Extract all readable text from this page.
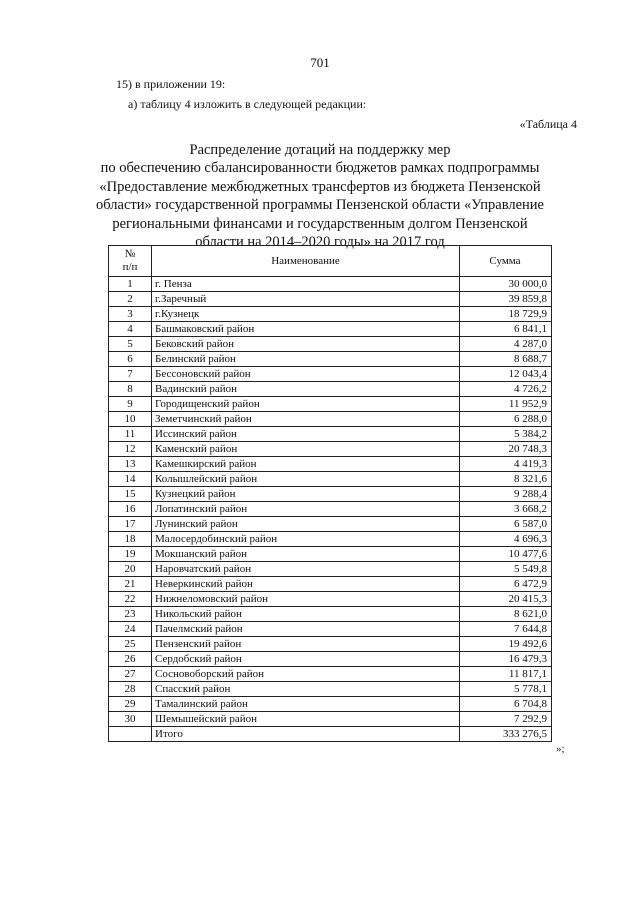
701
15) в приложении 19:
а) таблицу 4 изложить в следующей редакции:
«Таблица 4
Распределение дотаций на поддержку мер
по обеспечению сбалансированности бюджетов рамках подпрограммы
«Предоставление межбюджетных трансфертов из бюджета Пензенской
области» государственной программы Пензенской области «Управление
региональными финансами и государственным долгом Пензенской
области на 2014–2020 годы» на 2017 год
№
п/п	Наименование	Сумма
1	г. Пенза	30 000,0
2	г.Заречный	39 859,8
3	г.Кузнецк	18 729,9
4	Башмаковский район	6 841,1
5	Бековский район	4 287,0
6	Белинский район	8 688,7
7	Бессоновский район	12 043,4
8	Вадинский район	4 726,2
9	Городищенский район	11 952,9
10	Земетчинский район	6 288,0
11	Иссинский район	5 384,2
12	Каменский район	20 748,3
13	Камешкирский район	4 419,3
14	Колышлейский район	8 321,6
15	Кузнецкий район	9 288,4
16	Лопатинский район	3 668,2
17	Лунинский район	6 587,0
18	Малосердобинский район	4 696,3
19	Мокшанский район	10 477,6
20	Наровчатский район	5 549,8
21	Неверкинский район	6 472,9
22	Нижнеломовский район	20 415,3
23	Никольский район	8 621,0
24	Пачелмский район	7 644,8
25	Пензенский район	19 492,6
26	Сердобский район	16 479,3
27	Сосновоборский район	11 817,1
28	Спасский район	5 778,1
29	Тамалинский район	6 704,8
30	Шемышейский район	7 292,9
	Итого	333 276,5
»;
